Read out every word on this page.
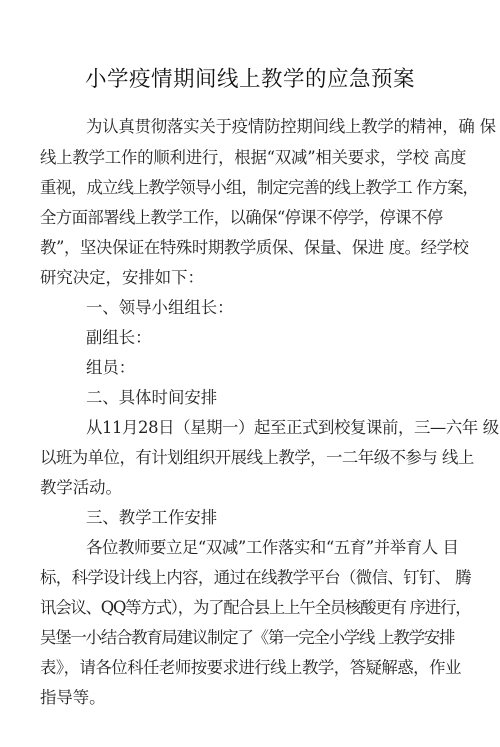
小学疫情期间线上教学的应急预案
为认真贯彻落实关于疫情防控期间线上教学的精神，确 保
线上教学工作的顺利进行，根据“双减”相关要求，学校 高度
重视，成立线上教学领导小组，制定完善的线上教学工 作方案，
全方面部署线上教学工作，以确保“停课不停学，停课不停
教”，坚决保证在特殊时期教学质保、保量、保进 度。经学校
研究决定，安排如下：
一、领导小组组长：
副组长：
组员：
二、具体时间安排
从11月28日（星期一）起至正式到校复课前，三—六年 级
以班为单位，有计划组织开展线上教学，一二年级不参与 线上
教学活动。
三、教学工作安排
各位教师要立足“双减”工作落实和“五育”并举育人 目
标，科学设计线上内容，通过在线教学平台（微信、钉钉、 腾
讯会议、QQ等方式），为了配合县上上午全员核酸更有 序进行，
吴堡一小结合教育局建议制定了《第一完全小学线 上教学安排
表》，请各位科任老师按要求进行线上教学，答疑解惑，作业
指导等。
